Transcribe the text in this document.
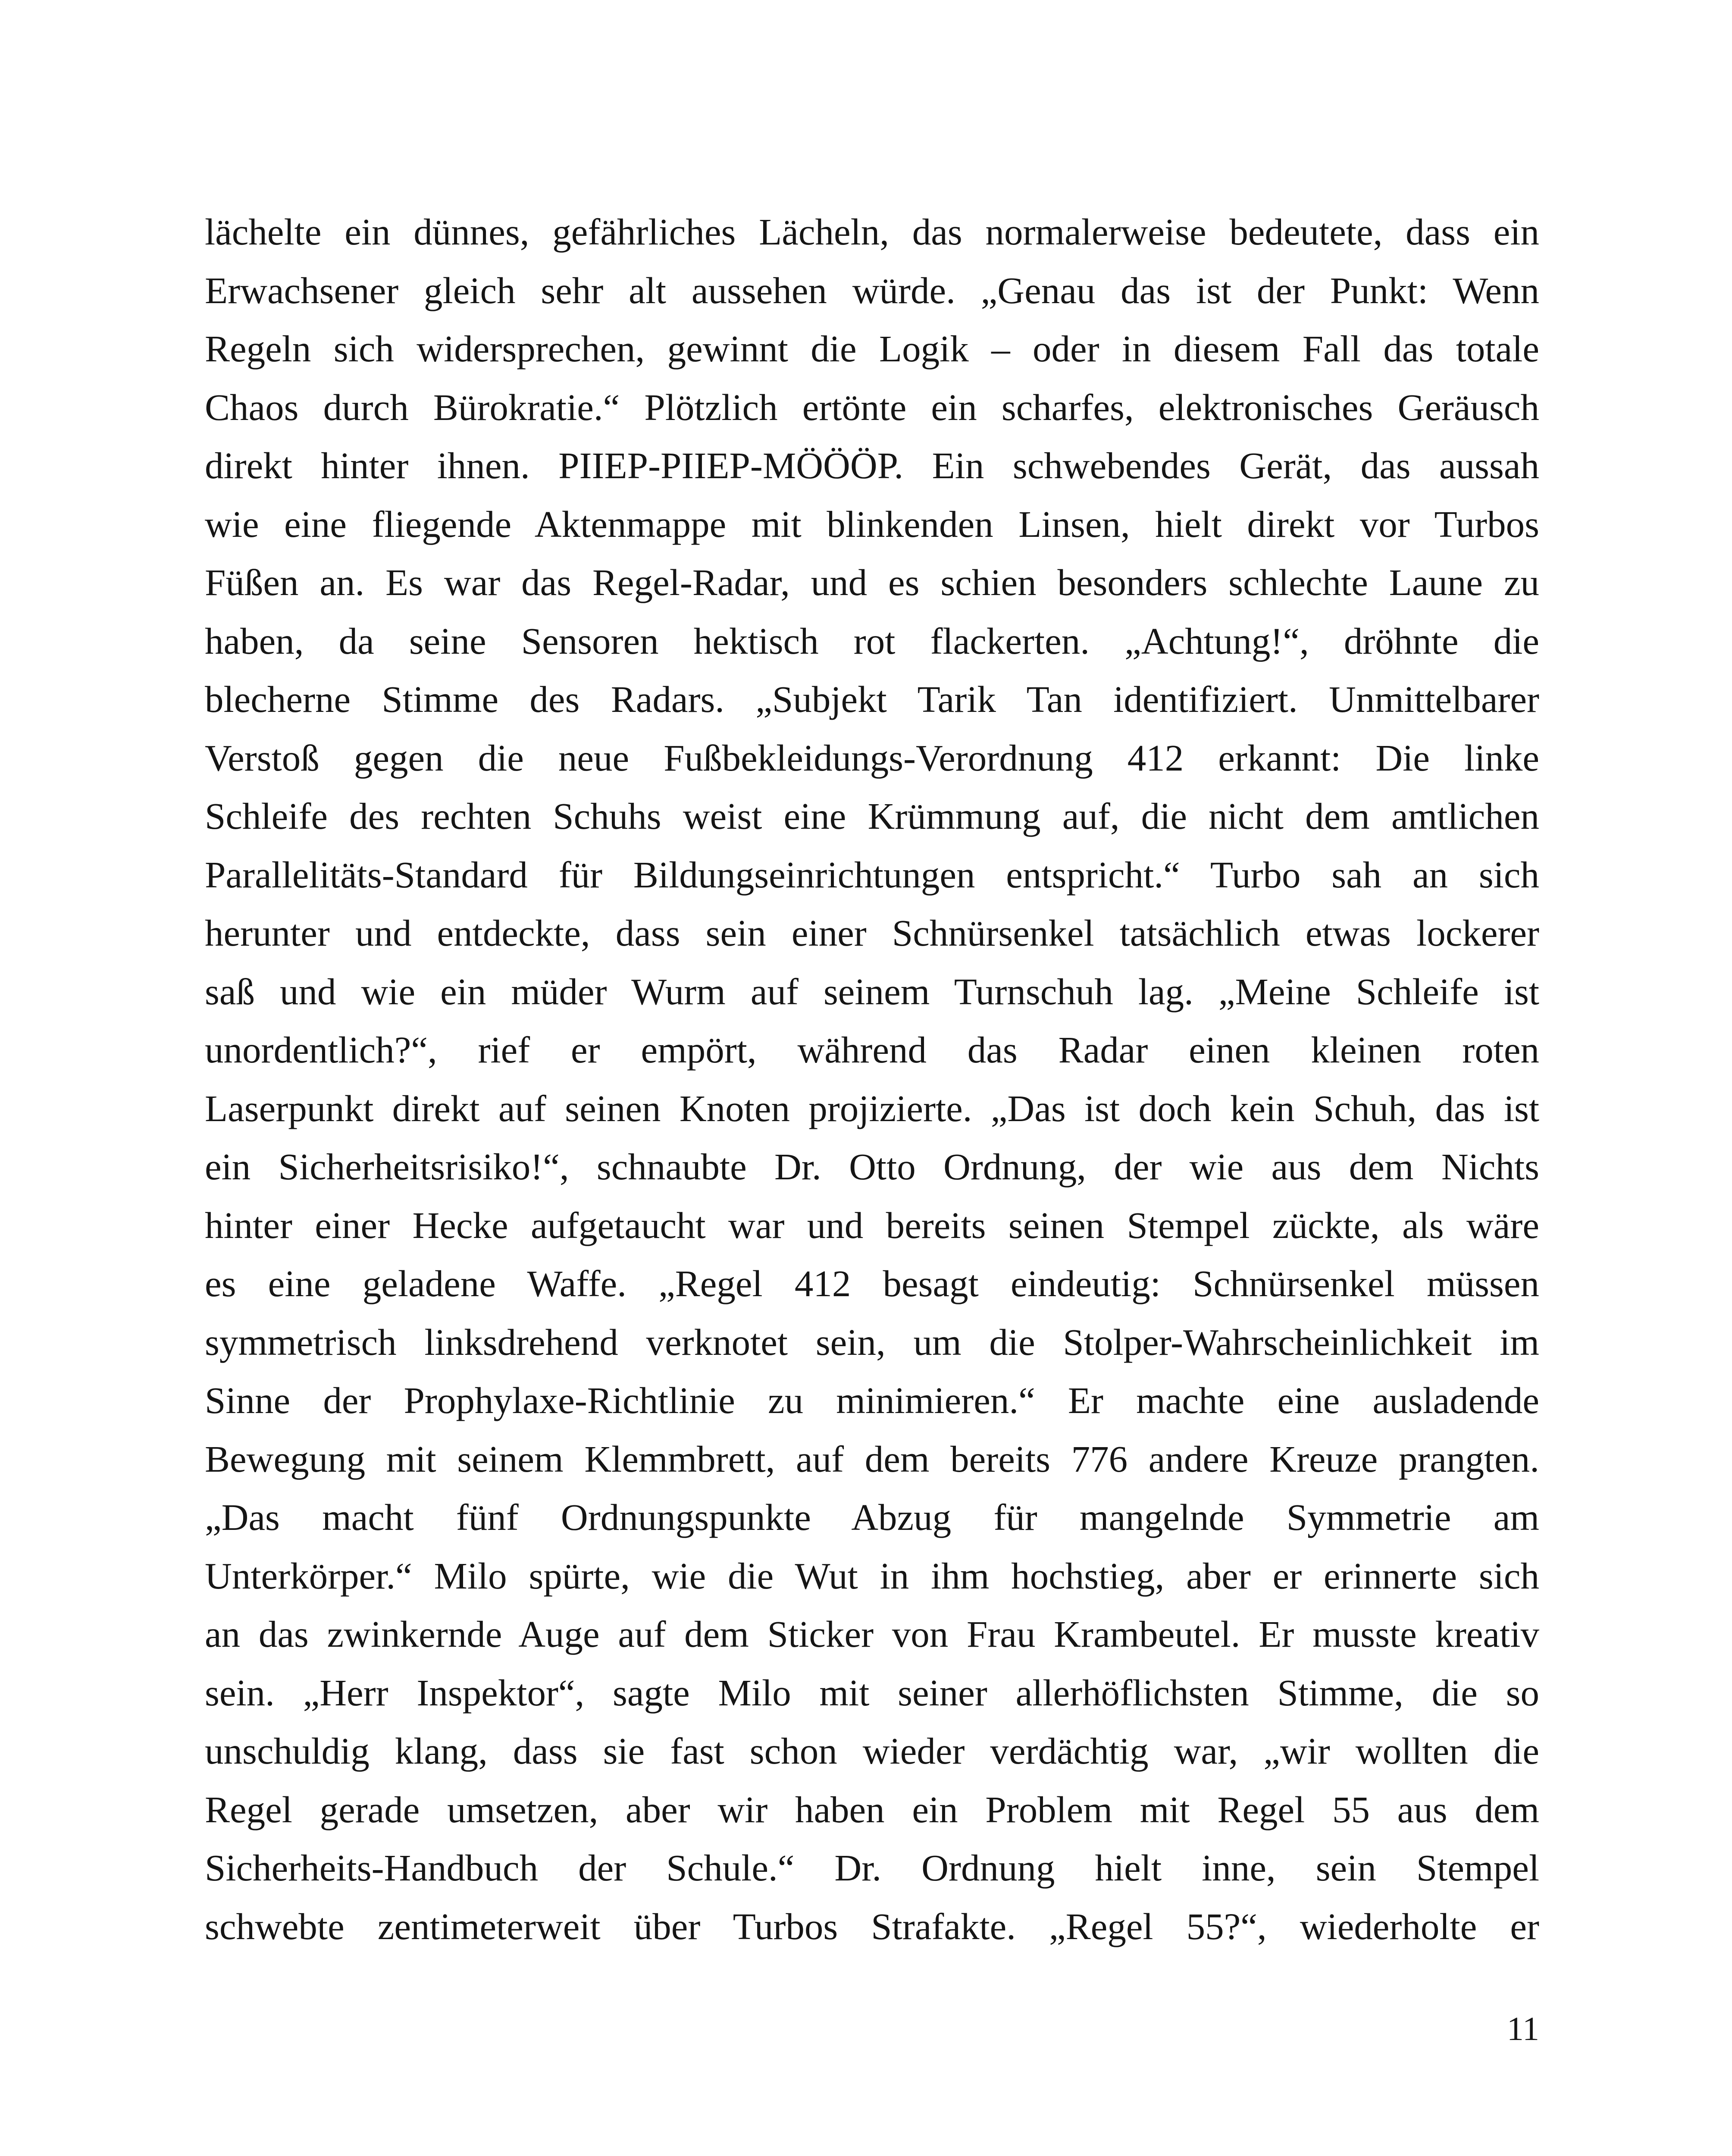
lächelte ein dünnes, gefährliches Lächeln, das normalerweise bedeutete, dass ein
Erwachsener gleich sehr alt aussehen würde. „Genau das ist der Punkt: Wenn
Regeln sich widersprechen, gewinnt die Logik – oder in diesem Fall das totale
Chaos durch Bürokratie.“ Plötzlich ertönte ein scharfes, elektronisches Geräusch
direkt hinter ihnen. PIIEP-PIIEP-MÖÖÖP. Ein schwebendes Gerät, das aussah
wie eine fliegende Aktenmappe mit blinkenden Linsen, hielt direkt vor Turbos
Füßen an. Es war das Regel-Radar, und es schien besonders schlechte Laune zu
haben, da seine Sensoren hektisch rot flackerten. „Achtung!“, dröhnte die
blecherne Stimme des Radars. „Subjekt Tarik Tan identifiziert. Unmittelbarer
Verstoß gegen die neue Fußbekleidungs-Verordnung 412 erkannt: Die linke
Schleife des rechten Schuhs weist eine Krümmung auf, die nicht dem amtlichen
Parallelitäts-Standard für Bildungseinrichtungen entspricht.“ Turbo sah an sich
herunter und entdeckte, dass sein einer Schnürsenkel tatsächlich etwas lockerer
saß und wie ein müder Wurm auf seinem Turnschuh lag. „Meine Schleife ist
unordentlich?“, rief er empört, während das Radar einen kleinen roten
Laserpunkt direkt auf seinen Knoten projizierte. „Das ist doch kein Schuh, das ist
ein Sicherheitsrisiko!“, schnaubte Dr. Otto Ordnung, der wie aus dem Nichts
hinter einer Hecke aufgetaucht war und bereits seinen Stempel zückte, als wäre
es eine geladene Waffe. „Regel 412 besagt eindeutig: Schnürsenkel müssen
symmetrisch linksdrehend verknotet sein, um die Stolper-Wahrscheinlichkeit im
Sinne der Prophylaxe-Richtlinie zu minimieren.“ Er machte eine ausladende
Bewegung mit seinem Klemmbrett, auf dem bereits 776 andere Kreuze prangten.
„Das macht fünf Ordnungspunkte Abzug für mangelnde Symmetrie am
Unterkörper.“ Milo spürte, wie die Wut in ihm hochstieg, aber er erinnerte sich
an das zwinkernde Auge auf dem Sticker von Frau Krambeutel. Er musste kreativ
sein. „Herr Inspektor“, sagte Milo mit seiner allerhöflichsten Stimme, die so
unschuldig klang, dass sie fast schon wieder verdächtig war, „wir wollten die
Regel gerade umsetzen, aber wir haben ein Problem mit Regel 55 aus dem
Sicherheits-Handbuch der Schule.“ Dr. Ordnung hielt inne, sein Stempel
schwebte zentimeterweit über Turbos Strafakte. „Regel 55?“, wiederholte er
11
